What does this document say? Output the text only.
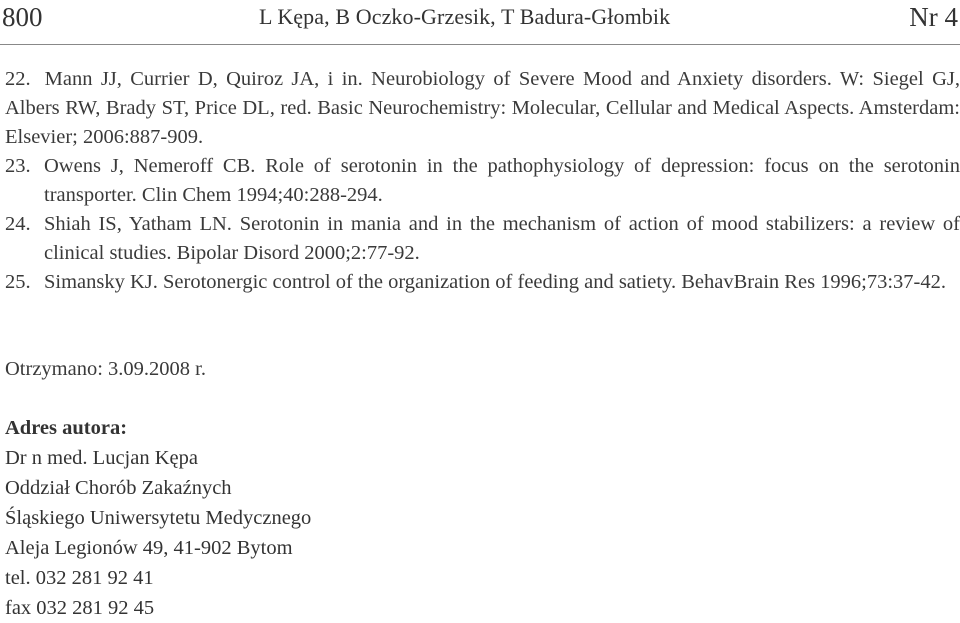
800	L Kępa, B Oczko-Grzesik, T Badura-Głombik	Nr 4
22. Mann JJ, Currier D, Quiroz JA, i in. Neurobiology of Severe Mood and Anxiety disorders. W: Siegel GJ, Albers RW, Brady ST, Price DL, red. Basic Neurochemistry: Molecular, Cellular and Medical Aspects. Amsterdam: Elsevier; 2006:887-909.
23. Owens J, Nemeroff CB. Role of serotonin in the pathophysiology of depression: focus on the serotonin transporter. Clin Chem 1994;40:288-294.
24. Shiah IS, Yatham LN. Serotonin in mania and in the mechanism of action of mood stabilizers: a review of clinical studies. Bipolar Disord 2000;2:77-92.
25. Simansky KJ. Serotonergic control of the organization of feeding and satiety. BehavBrain Res 1996;73:37-42.
Otrzymano: 3.09.2008 r.
Adres autora:
Dr n med. Lucjan Kępa
Oddział Chorób Zakaźnych
Śląskiego Uniwersytetu Medycznego
Aleja Legionów 49, 41-902 Bytom
tel. 032 281 92 41
fax 032 281 92 45
